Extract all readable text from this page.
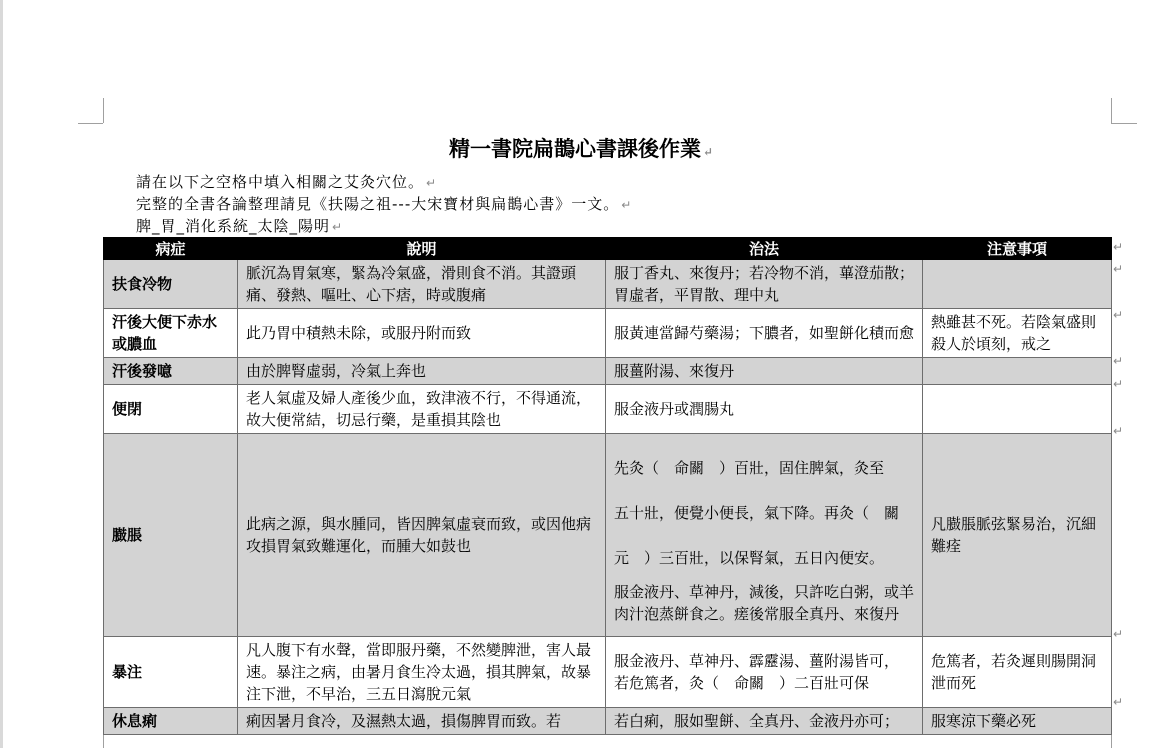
精一書院扁鵲心書課後作業 ↵
請在以下之空格中填入相關之艾灸穴位。 ↵
完整的全書各論整理請見《扶陽之祖---大宋寶材與扁鵲心書》一文。 ↵
脾_胃_消化系統_太陰_陽明 ↵
病症	說明	治法	注意事項
扶食冷物	脈沉為胃氣寒，緊為冷氣盛，滑則食不消。其證頭痛、發熱、嘔吐、心下痞，時或腹痛	服丁香丸、來復丹；若冷物不消，蓽澄茄散；胃虛者，平胃散、理中丸	
汗後大便下赤水或膿血	此乃胃中積熱未除，或服丹附而致	服黃連當歸芍藥湯；下膿者，如聖餅化積而愈	熱雖甚不死。若陰氣盛則殺人於頃刻，戒之
汗後發噫	由於脾腎虛弱，冷氣上奔也	服薑附湯、來復丹	
便閉	老人氣虛及婦人產後少血，致津液不行，不得通流，故大便常結，切忌行藥，是重損其陰也	服金液丹或潤腸丸	
臌脹	此病之源，與水腫同，皆因脾氣虛衰而致，或因他病攻損胃氣致難運化，而腫大如鼓也	先灸（　命關　）百壯，固住脾氣，灸至
五十壯，便覺小便長，氣下降。再灸（　關
元　）三百壯，以保腎氣，五日內便安。
服金液丹、草神丹，減後，只許吃白粥，或羊肉汁泡蒸餅食之。瘥後常服全真丹、來復丹	凡臌脹脈弦緊易治，沉細難痊
暴注	凡人腹下有水聲，當即服丹藥，不然變脾泄，害人最速。暴注之病，由暑月食生冷太過，損其脾氣，故暴注下泄，不早治，三五日瀉脫元氣	服金液丹、草神丹、霹靂湯、薑附湯皆可，
若危篤者，灸（　命關　）二百壯可保	危篤者，若灸遲則腸開洞泄而死
休息痢	痢因暑月食冷，及濕熱太過，損傷脾胃而致。若	若白痢，服如聖餅、全真丹、金液丹亦可；	服寒涼下藥必死
↵
↵
↵
↵
↵
↵
↵
↵
